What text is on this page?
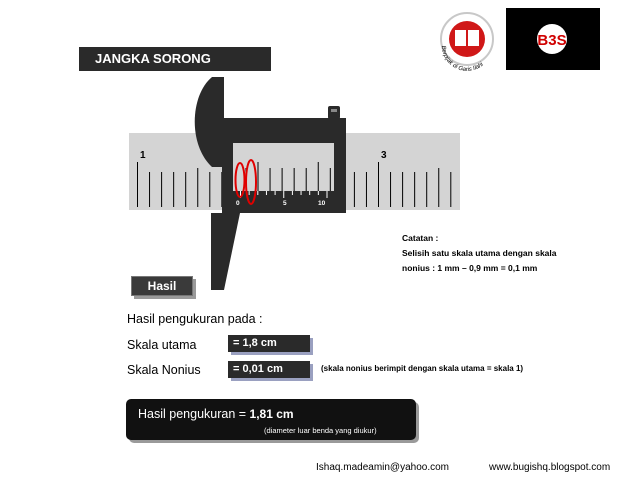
JANGKA SORONG
Berpijak di Garis Ilahi
B3S
1	3
0	5	10
Catatan :
Selisih satu skala utama dengan skala
nonius : 1 mm – 0,9 mm = 0,1 mm
Hasil
Hasil pengukuran pada :
Skala utama	= 1,8 cm
Skala Nonius	= 0,01 cm	(skala nonius berimpit dengan skala utama = skala 1)
Hasil pengukuran = 1,81 cm
(diameter luar benda yang diukur)
Ishaq.madeamin@yahoo.com	www.bugishq.blogspot.com
